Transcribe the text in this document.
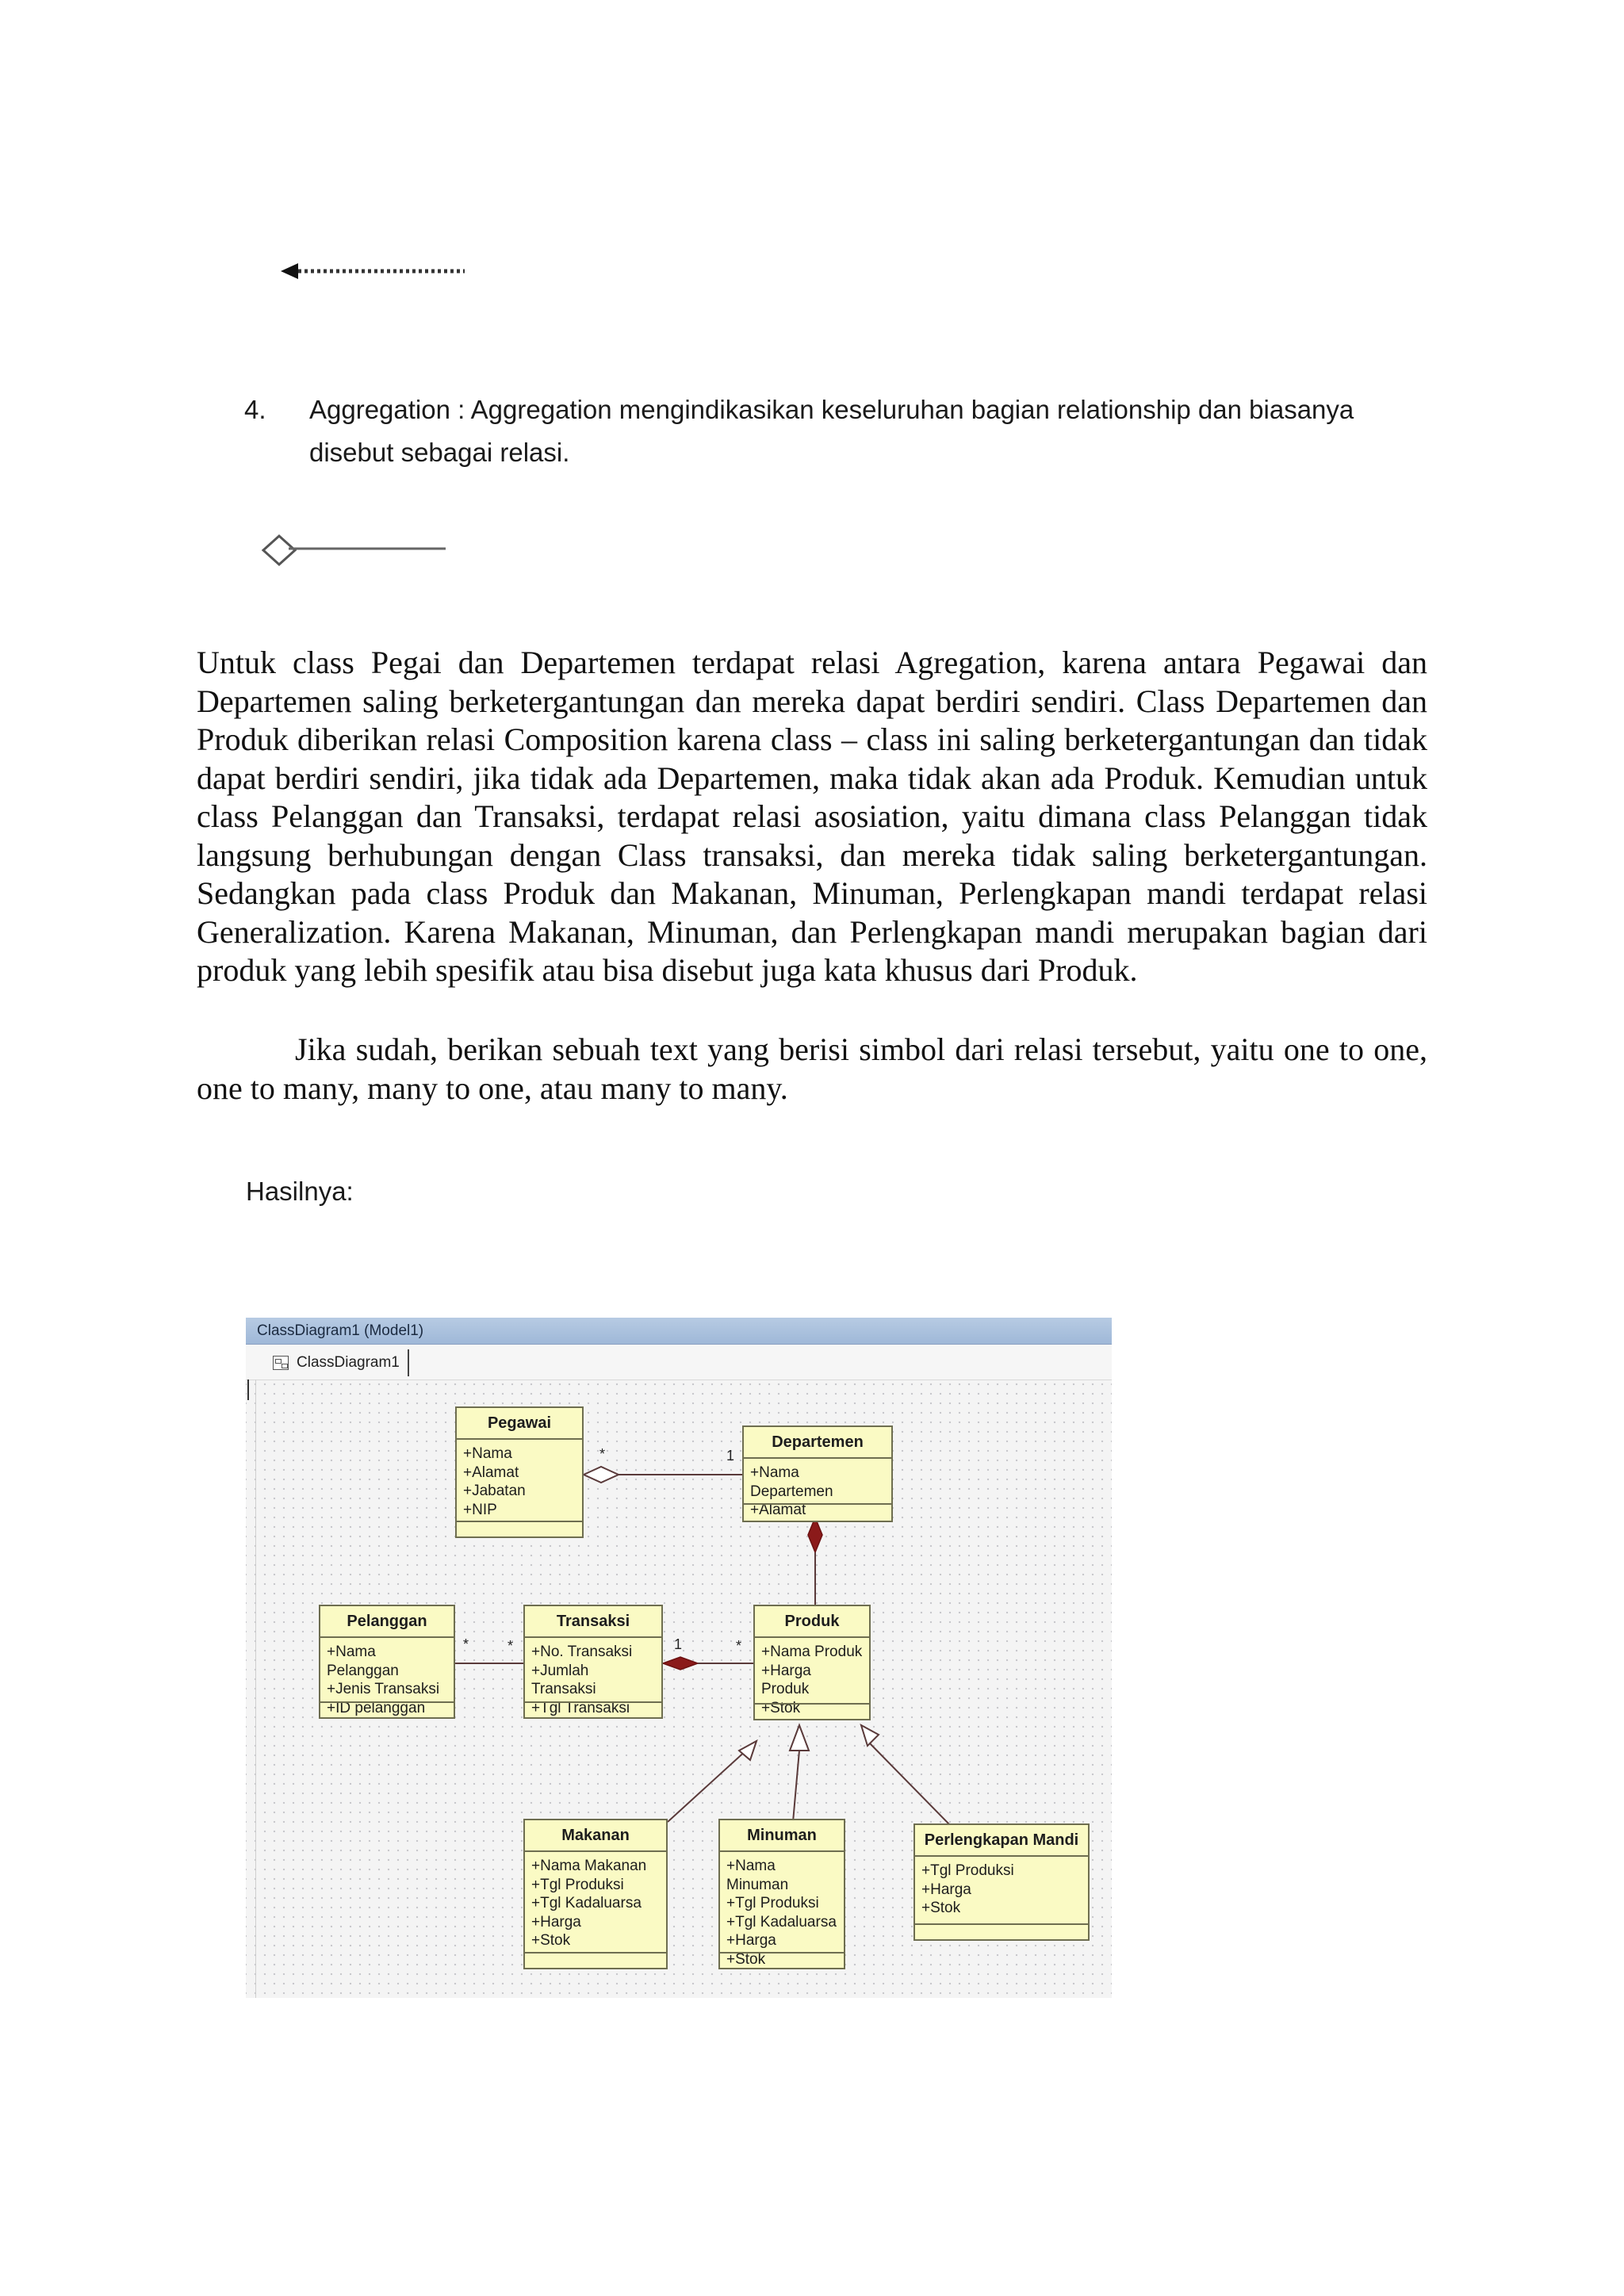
4. Aggregation : Aggregation mengindikasikan keseluruhan bagian relationship dan biasanya disebut sebagai relasi.

Untuk class Pegai dan Departemen terdapat relasi Agregation, karena antara Pegawai dan Departemen saling berketergantungan dan mereka dapat berdiri sendiri. Class Departemen dan Produk diberikan relasi Composition karena class – class ini saling berketergantungan dan tidak dapat berdiri sendiri, jika tidak ada Departemen, maka tidak akan ada Produk. Kemudian untuk class Pelanggan dan Transaksi, terdapat relasi asosiation, yaitu dimana class Pelanggan tidak langsung berhubungan dengan Class transaksi, dan mereka tidak saling berketergantungan. Sedangkan pada class Produk dan Makanan, Minuman, Perlengkapan mandi terdapat relasi Generalization. Karena Makanan, Minuman, dan Perlengkapan mandi merupakan bagian dari produk yang lebih spesifik atau bisa disebut juga kata khusus dari Produk.

Jika sudah, berikan sebuah text yang berisi simbol dari relasi tersebut, yaitu one to one, one to many, many to one, atau many to many.

Hasilnya:
ClassDiagram1 (Model1)
ClassDiagram1
*	1
*	*	1	*
Pegawai
+Nama
+Alamat
+Jabatan
+NIP
Departemen
+Nama Departemen
+Alamat
Pelanggan
+Nama Pelanggan
+Jenis Transaksi
+ID pelanggan
Transaksi
+No. Transaksi
+Jumlah Transaksi
+Tgl Transaksi
Produk
+Nama Produk
+Harga Produk
+Stok
Makanan
+Nama Makanan
+Tgl Produksi
+Tgl Kadaluarsa
+Harga
+Stok
Minuman
+Nama Minuman
+Tgl Produksi
+Tgl Kadaluarsa
+Harga
+Stok
Perlengkapan Mandi
+Tgl Produksi
+Harga
+Stok
